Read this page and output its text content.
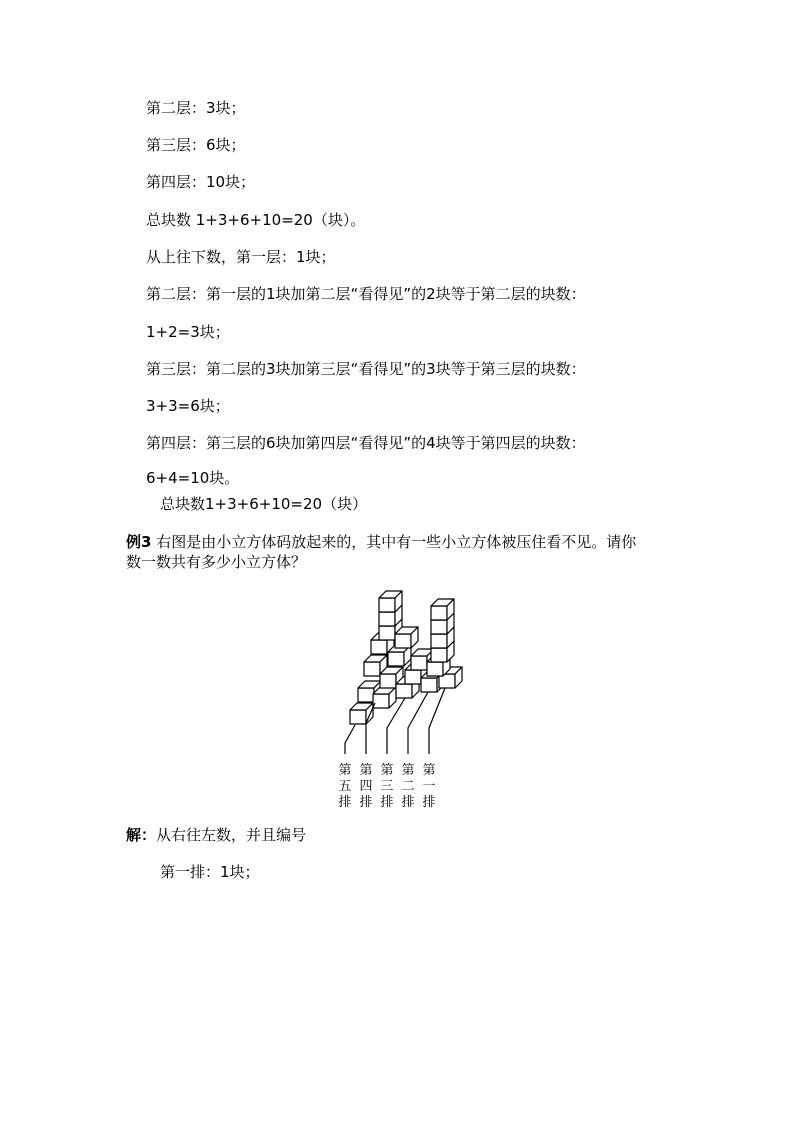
第二层：3块；
第三层：6块；
第四层：10块；
总块数 1+3+6+10=20（块）。
从上往下数，第一层：1块；
第二层：第一层的1块加第二层“看得见”的2块等于第二层的块数：
1+2=3块；
第三层：第二层的3块加第三层“看得见”的3块等于第三层的块数：
3+3=6块；
第四层：第三层的6块加第四层“看得见”的4块等于第四层的块数：
6+4=10块。
总块数1+3+6+10=20（块）
例3 右图是由小立方体码放起来的，其中有一些小立方体被压住看不见。请你
数一数共有多少小立方体？
第
五
排
第
四
排
第
三
排
第
二
排
第
一
排
解：从右往左数，并且编号
第一排：1块；
